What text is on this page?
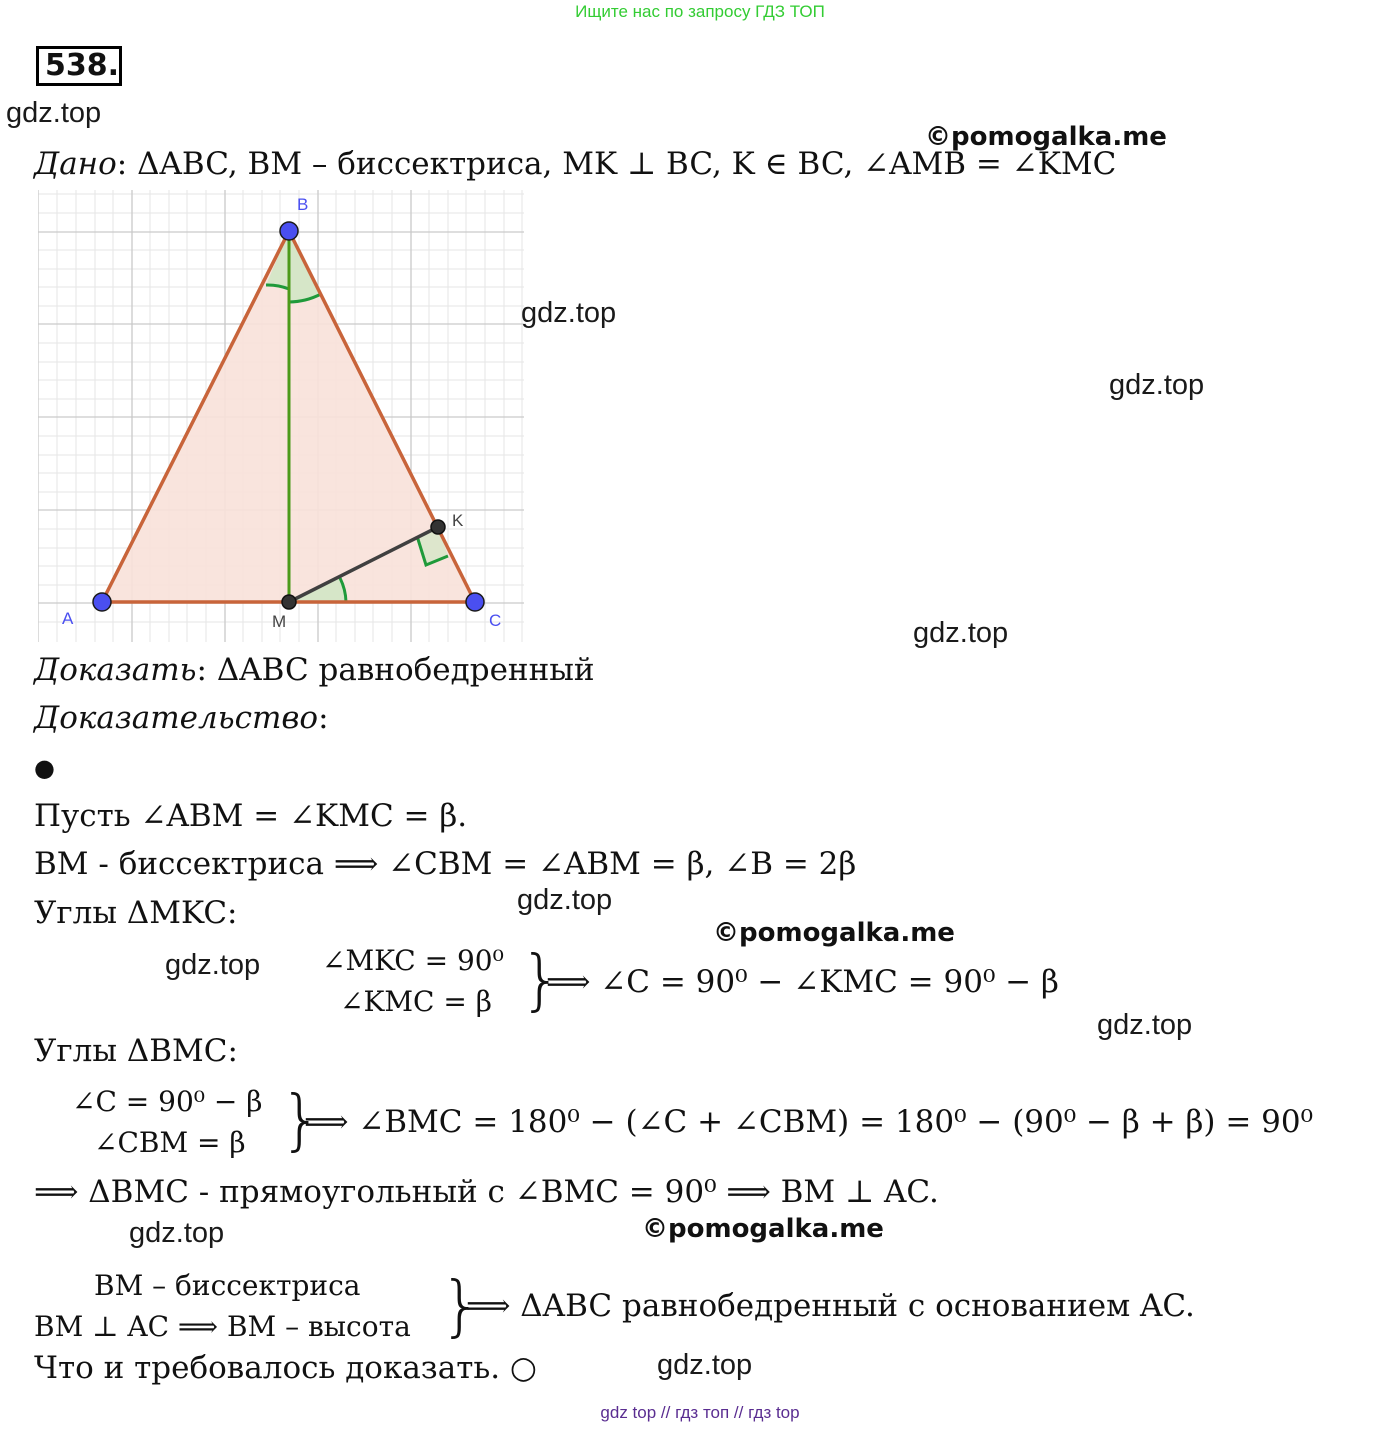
Ищите нас по запросу ГДЗ ТОП
538.
gdz.top
©pomogalka.me
Дано: ΔABC, BM – биссектриса, MK ⊥ BC, K ∈ BC, ∠AMB = ∠KMC
A
B
C
M
K
gdz.top
gdz.top
gdz.top
Доказать: ΔABC равнобедренный
Доказательство:
●
Пусть ∠ABM = ∠KMC = β.
BM - биссектриса ⟹ ∠CBM = ∠ABM = β, ∠B = 2β
Углы ΔMKC:	gdz.top
©pomogalka.me
gdz.top ∠MKC = 90⁰
∠KMC = β }
⟹ ∠C = 90⁰ − ∠KMC = 90⁰ − β
gdz.top
Углы ΔBMC:
∠C = 90⁰ − β
∠CBM = β }
⟹ ∠BMC = 180⁰ − (∠C + ∠CBM) = 180⁰ − (90⁰ − β + β) = 90⁰
⟹ ΔBMC - прямоугольный с ∠BMC = 90⁰ ⟹ BM ⊥ AC.
gdz.top	©pomogalka.me
BM – биссектриса
BM ⊥ AC ⟹ BM – высота }
⟹ ΔABC равнобедренный с основанием AC.
Что и требовалось доказать. ○	gdz.top
gdz top // гдз топ // гдз top
